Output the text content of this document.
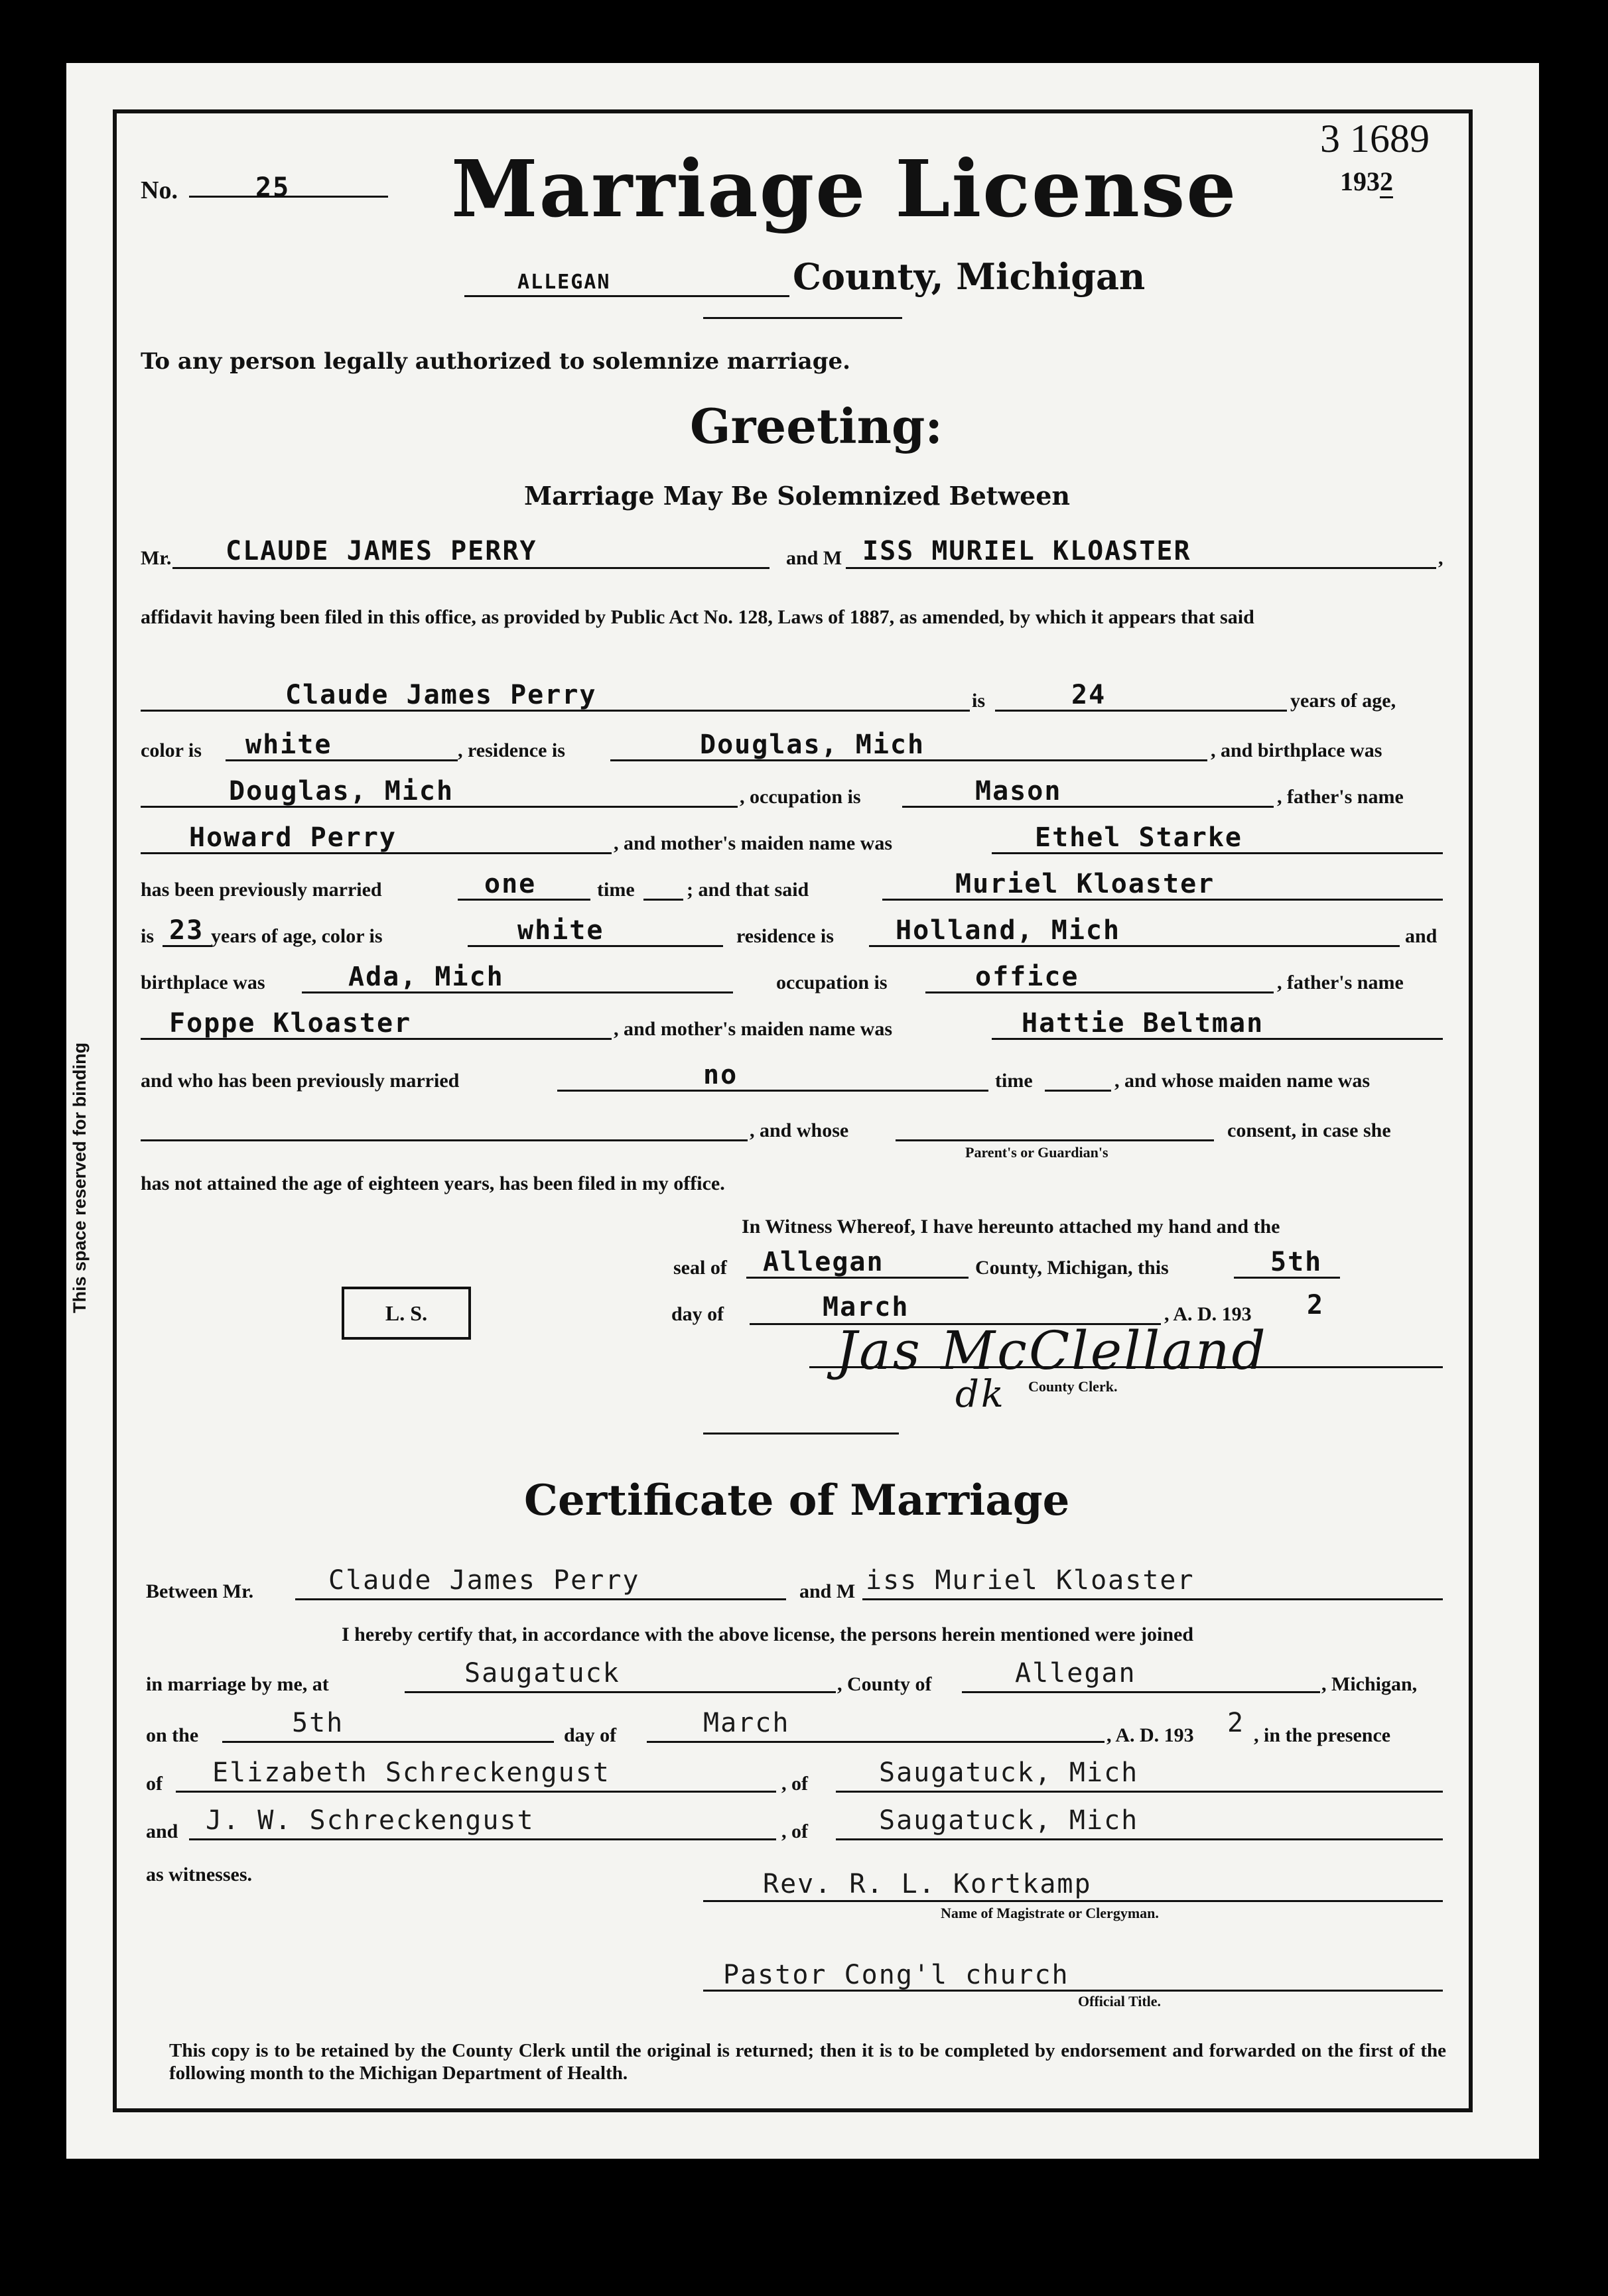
3 1689
1932
No.	25 Marriage License
ALLEGAN	County, Michigan
To any person legally authorized to solemnize marriage.
Greeting:
Marriage May Be Solemnized Between
Mr. CLAUDE JAMES PERRY	and M ISS MURIEL KLOASTER	,
affidavit having been filed in this office, as provided by Public Act No. 128, Laws of 1887, as amended, by which it appears that said
Claude James Perry	is	24	years of age,
color is white	, residence is	Douglas, Mich	, and birthplace was
Douglas, Mich	, occupation is	Mason	, father's name
Howard Perry	, and mother's maiden name was	Ethel Starke
has been previously married	one	time	; and that said	Muriel Kloaster
is 23 years of age, color is	white	residence is Holland, Mich	and
birthplace was	Ada, Mich	occupation is	office	, father's name
Foppe Kloaster	, and mother's maiden name was	Hattie Beltman
and who has been previously married	no	time	, and whose maiden name was
, and whose	consent, in case she
Parent's or Guardian's
has not attained the age of eighteen years, has been filed in my office.
In Witness Whereof, I have hereunto attached my hand and the
seal of Allegan	County, Michigan, this	5th
L. S.	day of	March	, A. D. 193 2
Jas McClelland
dk County Clerk.
Certificate of Marriage
Between Mr.	Claude James Perry	and M iss Muriel Kloaster
I hereby certify that, in accordance with the above license, the persons herein mentioned were joined
in marriage by me, at	Saugatuck	, County of	Allegan	, Michigan,
on the	5th	day of	March	, A. D. 193 2 , in the presence
of Elizabeth Schreckengust	, of	Saugatuck, Mich
and J. W. Schreckengust	, of	Saugatuck, Mich
as witnesses.	Rev. R. L. Kortkamp
Name of Magistrate or Clergyman.
Pastor Cong'l church
Official Title.
This copy is to be retained by the County Clerk until the original is returned; then it is to be completed by endorsement and forwarded on the first of the following month to the Michigan Department of Health.
This space reserved for binding
